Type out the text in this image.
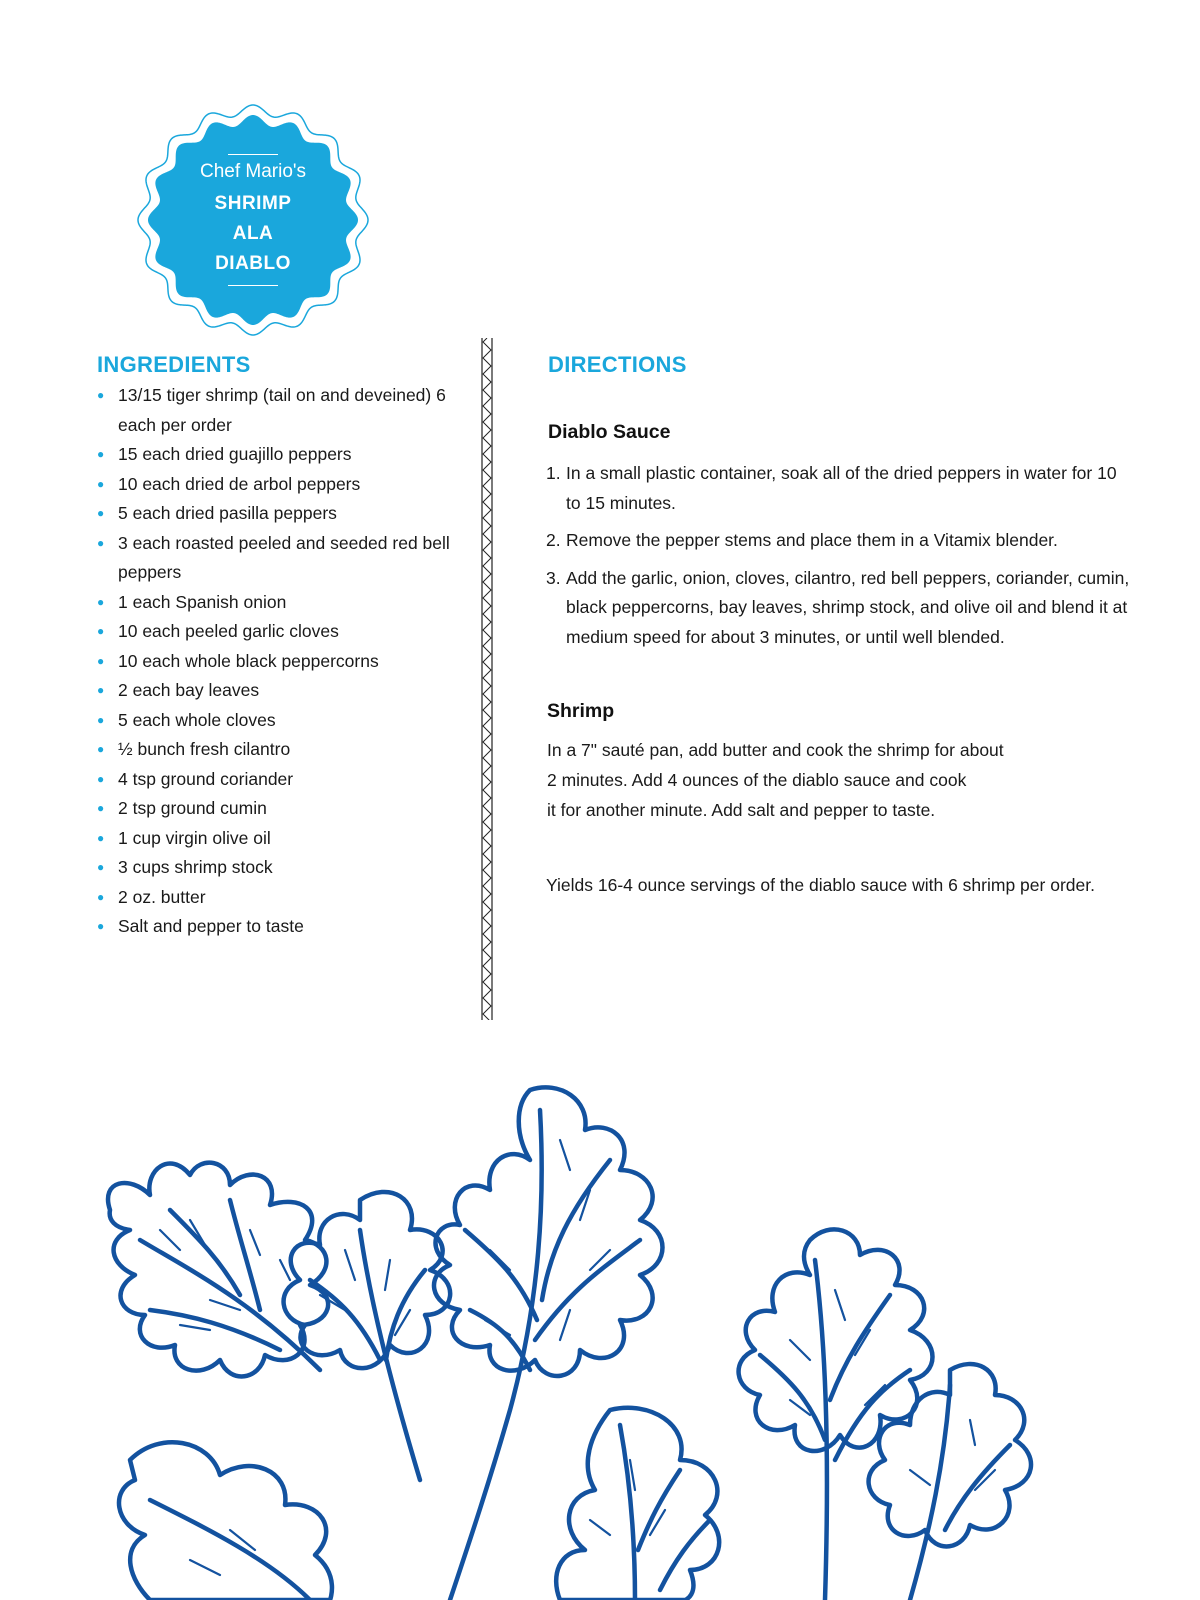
Chef Mario's
SHRIMP
ALA
DIABLO
INGREDIENTS
● 13/15 tiger shrimp (tail on and deveined) 6 each per order
● 15 each dried guajillo peppers
● 10 each dried de arbol peppers
● 5 each dried pasilla peppers
● 3 each roasted peeled and seeded red bell peppers
● 1 each Spanish onion
● 10 each peeled garlic cloves
● 10 each whole black peppercorns
● 2 each bay leaves
● 5 each whole cloves
● ½ bunch fresh cilantro
● 4 tsp ground coriander
● 2 tsp ground cumin
● 1 cup virgin olive oil
● 3 cups shrimp stock
● 2 oz. butter
● Salt and pepper to taste
DIRECTIONS
Diablo Sauce
1. In a small plastic container, soak all of the dried peppers in water for 10 to 15 minutes.
2. Remove the pepper stems and place them in a Vitamix blender.
3. Add the garlic, onion, cloves, cilantro, red bell peppers, coriander, cumin, black peppercorns, bay leaves, shrimp stock, and olive oil and blend it at medium speed for about 3 minutes, or until well blended.
Shrimp
In a 7" sauté pan, add butter and cook the shrimp for about
2 minutes. Add 4 ounces of the diablo sauce and cook
it for another minute. Add salt and pepper to taste.
Yields 16-4 ounce servings of the diablo sauce with 6 shrimp per order.
